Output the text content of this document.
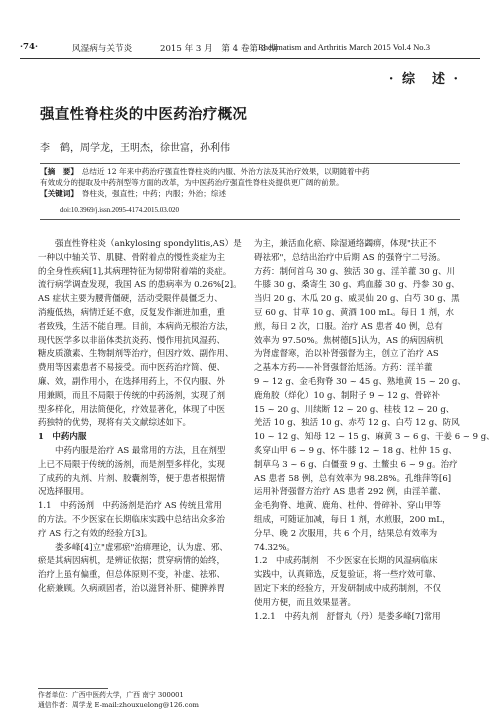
·74·	风湿病与关节炎	2015 年 3 月　第 4 卷第 3 期
Rheumatism and Arthritis March 2015 Vol.4 No.3
· 综　述 ·
强直性脊柱炎的中医药治疗概况
李　鹤，周学龙，王明杰，徐世富，孙利伟
【摘　要】　 总结近 12 年来中药治疗强直性脊柱炎的内服、外治方法及其治疗效果，以期随着中药
有效成分的提取及中药剂型等方面的改革，为中医药治疗强直性脊柱炎提供更广阔的前景。
【关键词】　 脊柱炎，强直性；中药；内服；外治；综述
doi:10.3969/j.issn.2095-4174.2015.03.020

　　强直性脊柱炎（ankylosing spondylitis,AS）是

一种以中轴关节、肌腱、骨附着点的慢性炎症为主

的全身性疾病[1],其病理特征为韧带附着端的炎症。

流行病学调查发现，我国 AS 的患病率为 0.26%[2]。

AS 症状主要为腰背僵硬，活动受限伴晨僵乏力、

消瘦低热，病情迁延不愈，反复发作渐进加重，重

者致残，生活不能自理。目前，本病尚无根治方法，

现代医学多以非甾体类抗炎药、慢作用抗风湿药、

糖皮质激素、生物制剂等治疗，但因疗效、副作用、

费用等因素患者不易接受。而中医药治疗简、便、

廉、效，副作用小，在选择用药上，不仅内服、外

用兼顾，而且不局限于传统的中药汤剂，实现了剂

型多样化，用法简便化，疗效显著化，体现了中医

药独特的优势，现将有关文献综述如下。

1　中药内服

　　中药内服是治疗 AS 最常用的方法，且在剂型

上已不局限于传统的汤剂，而是剂型多样化，实现

了成药的丸剂、片剂、胶囊剂等，便于患者根据情

况选择服用。

1.1　中药汤剂　中药汤剂是治疗 AS 传统且常用

的方法。不少医家在长期临床实践中总结出众多治

疗 AS 行之有效的经验方[3]。

　　娄多峰[4]立"虚邪瘀"治痹理论，认为虚、邪、

瘀是其病因病机，是辨证依据；贯穿病情的始终，

治疗上虽有偏重，但总体原则不变，补虚、祛邪、

化瘀兼顾。久病顽固者，治以滋肾补肝、健脾养胃

为主，兼活血化瘀、除湿通络蠲痹，体现"扶正不

碍祛邪"，总结出治疗中后期 AS 的强脊宁二号汤。

方药：制何首乌 30 g、独活 30 g、淫羊藿 30 g、川

牛膝 30 g、桑寄生 30 g、鸡血藤 30 g、丹参 30 g、

当归 20 g、木瓜 20 g、威灵仙 20 g、白芍 30 g、黑

豆 60 g、甘草 10 g、黄酒 100 mL。每日 1 剂，水

煎，每日 2 次，口服。治疗 AS 患者 40 例，总有

效率为 97.50%。焦树德[5]认为，AS 的病因病机

为肾虚督寒，治以补肾强督为主，创立了治疗 AS

之基本方药——补肾强督治尪汤。方药：淫羊藿

9 ~ 12 g、金毛狗脊 30 ~ 45 g、熟地黄 15 ~ 20 g、

鹿角胶（烊化）10 g、制附子 9 ~ 12 g、骨碎补

15 ~ 20 g、川续断 12 ~ 20 g、桂枝 12 ~ 20 g、

羌活 10 g、独活 10 g、赤芍 12 g、白芍 12 g、防风

10 ~ 12 g、知母 12 ~ 15 g、麻黄 3 ~ 6 g、干姜 6 ~ 9 g、

炙穿山甲 6 ~ 9 g、怀牛膝 12 ~ 18 g、杜仲 15 g、

制草乌 3 ~ 6 g、白僵蚕 9 g、土鳖虫 6 ~ 9 g。治疗

AS 患者 58 例，总有效率为 98.28%。孔维萍等[6]

运用补肾强督方治疗 AS 患者 292 例，由淫羊藿、

金毛狗脊、地黄、鹿角、杜仲、骨碎补、穿山甲等

组成，可随证加减，每日 1 剂，水煎服，200 mL，

分早、晚 2 次服用，共 6 个月，结果总有效率为

74.32%。

1.2　中成药制剂　不少医家在长期的风湿病临床

实践中，认真筛选，反复验证，将一些疗效可靠、

固定下来的经验方，开发研制成中成药制剂，不仅

使用方便，而且效果显著。

1.2.1　中药丸剂　舒督丸（丹）是娄多峰[7]常用

作者单位：广西中医药大学，广西 南宁 300001
通信作者：周学龙 E-mail:zhouxuelong@126.com
